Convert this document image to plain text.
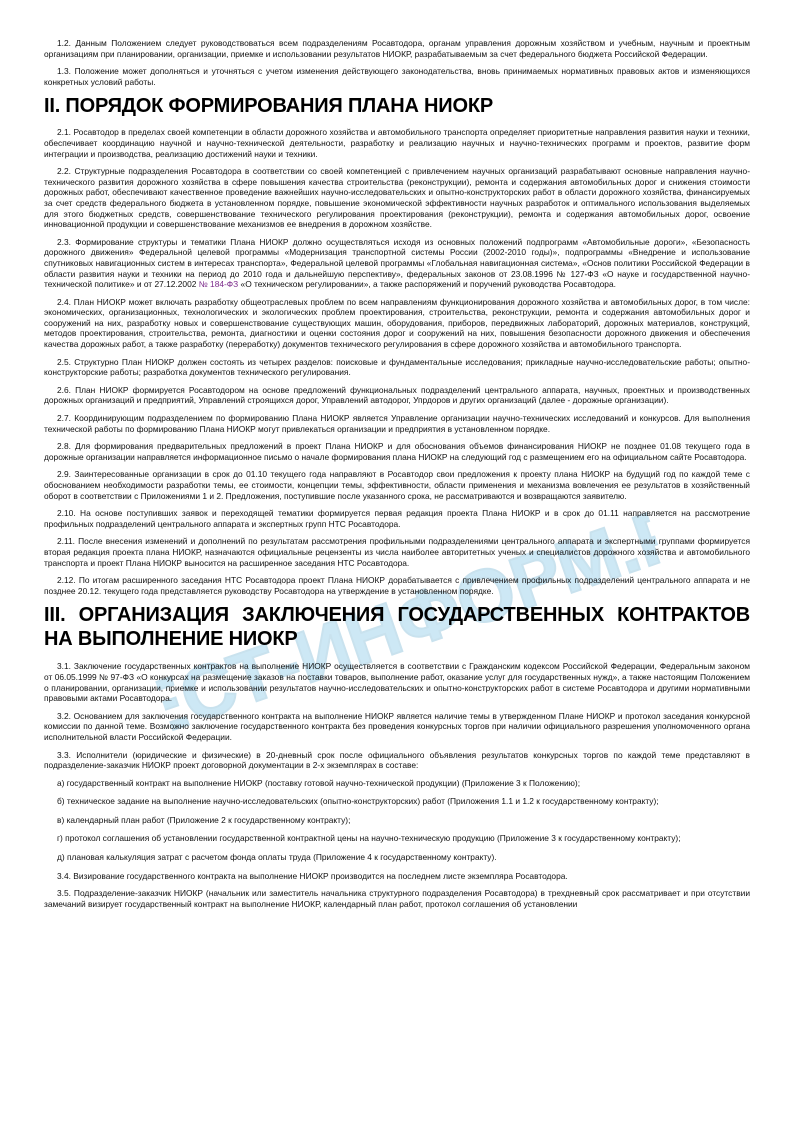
ТЕСТ-ИНФОРМ.РУ

1.2. Данным Положением следует руководствоваться всем подразделениям Росавтодора, органам управления дорожным хозяйством и учебным, научным и проектным организациям при планировании, организации, приемке и использовании результатов НИОКР, разрабатываемым за счет федерального бюджета Российской Федерации.

1.3. Положение может дополняться и уточняться с учетом изменения действующего законодательства, вновь принимаемых нормативных правовых актов и изменяющихся конкретных условий работы.

II. ПОРЯДОК ФОРМИРОВАНИЯ ПЛАНА НИОКР

2.1. Росавтодор в пределах своей компетенции в области дорожного хозяйства и автомобильного транспорта определяет приоритетные направления развития науки и техники, обеспечивает координацию научной и научно-технической деятельности, разработку и реализацию научных и научно-технических программ и проектов, развитие форм интеграции и производства, реализацию достижений науки и техники.

2.2. Структурные подразделения Росавтодора в соответствии со своей компетенцией с привлечением научных организаций разрабатывают основные направления научно-технического развития дорожного хозяйства в сфере повышения качества строительства (реконструкции), ремонта и содержания автомобильных дорог и снижения стоимости дорожных работ, обеспечивают качественное проведение важнейших научно-исследовательских и опытно-конструкторских работ в области дорожного хозяйства, финансируемых за счет средств федерального бюджета в установленном порядке, повышение экономической эффективности научных разработок и оптимального использования выделяемых для этого бюджетных средств, совершенствование технического регулирования проектирования (реконструкции), ремонта и содержания автомобильных дорог, освоение инновационной продукции и совершенствование механизмов ее внедрения в дорожном хозяйстве.

2.3. Формирование структуры и тематики Плана НИОКР должно осуществляться исходя из основных положений подпрограмм «Автомобильные дороги», «Безопасность дорожного движения» Федеральной целевой программы «Модернизация транспортной системы России (2002-2010 годы)», подпрограммы «Внедрение и использование спутниковых навигационных систем в интересах транспорта», Федеральной целевой программы «Глобальная навигационная система», «Основ политики Российской Федерации в области развития науки и техники на период до 2010 года и дальнейшую перспективу», федеральных законов от 23.08.1996 № 127-ФЗ «О науке и государственной научно-технической политике» и от 27.12.2002 № 184-ФЗ «О техническом регулировании», а также распоряжений и поручений руководства Росавтодора.

2.4. План НИОКР может включать разработку общеотраслевых проблем по всем направлениям функционирования дорожного хозяйства и автомобильных дорог, в том числе: экономических, организационных, технологических и экологических проблем проектирования, строительства, реконструкции, ремонта и содержания автомобильных дорог и сооружений на них, разработку новых и совершенствование существующих машин, оборудования, приборов, передвижных лабораторий, дорожных материалов, конструкций, методов проектирования, строительства, ремонта, диагностики и оценки состояния дорог и сооружений на них, повышения безопасности дорожного движения и обеспечения качества дорожных работ, а также разработку (переработку) документов технического регулирования в сфере дорожного хозяйства и автомобильного транспорта.

2.5. Структурно План НИОКР должен состоять из четырех разделов: поисковые и фундаментальные исследования; прикладные научно-исследовательские работы; опытно-конструкторские работы; разработка документов технического регулирования.

2.6. План НИОКР формируется Росавтодором на основе предложений функциональных подразделений центрального аппарата, научных, проектных и производственных дорожных организаций и предприятий, Управлений строящихся дорог, Управлений автодорог, Упрдоров и других организаций (далее - дорожные организации).

2.7. Координирующим подразделением по формированию Плана НИОКР является Управление организации научно-технических исследований и конкурсов. Для выполнения технической работы по формированию Плана НИОКР могут привлекаться организации и предприятия в установленном порядке.

2.8. Для формирования предварительных предложений в проект Плана НИОКР и для обоснования объемов финансирования НИОКР не позднее 01.08 текущего года в дорожные организации направляется информационное письмо о начале формирования плана НИОКР на следующий год с размещением его на официальном сайте Росавтодора.

2.9. Заинтересованные организации в срок до 01.10 текущего года направляют в Росавтодор свои предложения к проекту плана НИОКР на будущий год по каждой теме с обоснованием необходимости разработки темы, ее стоимости, концепции темы, эффективности, области применения и механизма вовлечения ее результатов в хозяйственный оборот в соответствии с Приложениями 1 и 2. Предложения, поступившие после указанного срока, не рассматриваются и возвращаются заявителю.

2.10. На основе поступивших заявок и переходящей тематики формируется первая редакция проекта Плана НИОКР и в срок до 01.11 направляется на рассмотрение профильных подразделений центрального аппарата и экспертных групп НТС Росавтодора.

2.11. После внесения изменений и дополнений по результатам рассмотрения профильными подразделениями центрального аппарата и экспертными группами формируется вторая редакция проекта плана НИОКР, назначаются официальные рецензенты из числа наиболее авторитетных ученых и специалистов дорожного хозяйства и автомобильного транспорта и проект Плана НИОКР выносится на расширенное заседания НТС Росавтодора.

2.12. По итогам расширенного заседания НТС Росавтодора проект Плана НИОКР дорабатывается с привлечением профильных подразделений центрального аппарата и не позднее 20.12. текущего года представляется руководству Росавтодора на утверждение в установленном порядке.

III. ОРГАНИЗАЦИЯ ЗАКЛЮЧЕНИЯ ГОСУДАРСТВЕННЫХ КОНТРАКТОВ НА ВЫПОЛНЕНИЕ НИОКР

3.1. Заключение государственных контрактов на выполнение НИОКР осуществляется в соответствии с Гражданским кодексом Российской Федерации, Федеральным законом от 06.05.1999 № 97-ФЗ «О конкурсах на размещение заказов на поставки товаров, выполнение работ, оказание услуг для государственных нужд», а также настоящим Положением о планировании, организации, приемке и использовании результатов научно-исследовательских и опытно-конструкторских работ в системе Росавтодора и другими нормативными правовыми актами Росавтодора.

3.2. Основанием для заключения государственного контракта на выполнение НИОКР является наличие темы в утвержденном Плане НИОКР и протокол заседания конкурсной комиссии по данной теме. Возможно заключение государственного контракта без проведения конкурсных торгов при наличии официального разрешения уполномоченного органа исполнительной власти Российской Федерации.

3.3. Исполнители (юридические и физические) в 20-дневный срок после официального объявления результатов конкурсных торгов по каждой теме представляют в подразделение-заказчик НИОКР проект договорной документации в 2-х экземплярах в составе:

а) государственный контракт на выполнение НИОКР (поставку готовой научно-технической продукции) (Приложение 3 к Положению);

б) техническое задание на выполнение научно-исследовательских (опытно-конструкторских) работ (Приложения 1.1 и 1.2 к государственному контракту);

в) календарный план работ (Приложение 2 к государственному контракту);

г) протокол соглашения об установлении государственной контрактной цены на научно-техническую продукцию (Приложение 3 к государственному контракту);

д) плановая калькуляция затрат с расчетом фонда оплаты труда (Приложение 4 к государственному контракту).

3.4. Визирование государственного контракта на выполнение НИОКР производится на последнем листе экземпляра Росавтодора.

3.5. Подразделение-заказчик НИОКР (начальник или заместитель начальника структурного подразделения Росавтодора) в трехдневный срок рассматривает и при отсутствии замечаний визирует государственный контракт на выполнение НИОКР, календарный план работ, протокол соглашения об установлении
